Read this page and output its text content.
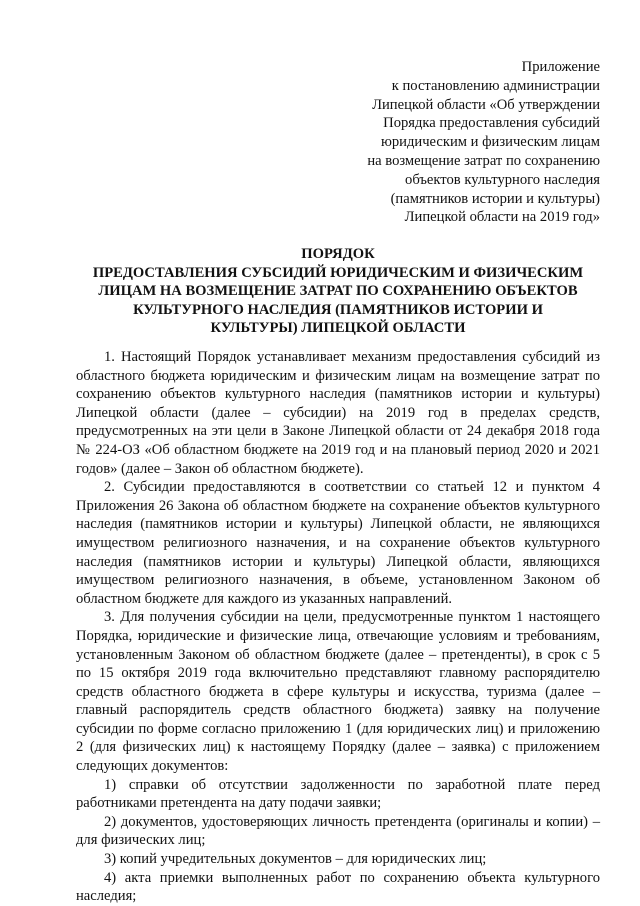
Приложение
к постановлению администрации
Липецкой области «Об утверждении
Порядка предоставления субсидий
юридическим и физическим лицам
на возмещение затрат по сохранению
объектов культурного наследия
(памятников истории и культуры)
Липецкой области на 2019 год»
ПОРЯДОК
ПРЕДОСТАВЛЕНИЯ СУБСИДИЙ ЮРИДИЧЕСКИМ И ФИЗИЧЕСКИМ
ЛИЦАМ НА ВОЗМЕЩЕНИЕ ЗАТРАТ ПО СОХРАНЕНИЮ ОБЪЕКТОВ
КУЛЬТУРНОГО НАСЛЕДИЯ (ПАМЯТНИКОВ ИСТОРИИ И
КУЛЬТУРЫ) ЛИПЕЦКОЙ ОБЛАСТИ

1. Настоящий Порядок устанавливает механизм предоставления субсидий из областного бюджета юридическим и физическим лицам на возмещение затрат по сохранению объектов культурного наследия (памятников истории и культуры) Липецкой области (далее – субсидии) на 2019 год в пределах средств, предусмотренных на эти цели в Законе Липецкой области от 24 декабря 2018 года № 224-ОЗ «Об областном бюджете на 2019 год и на плановый период 2020 и 2021 годов» (далее – Закон об областном бюджете).

2. Субсидии предоставляются в соответствии со статьей 12 и пунктом 4 Приложения 26 Закона об областном бюджете на сохранение объектов культурного наследия (памятников истории и культуры) Липецкой области, не являющихся имуществом религиозного назначения, и на сохранение объектов культурного наследия (памятников истории и культуры) Липецкой области, являющихся имуществом религиозного назначения, в объеме, установленном Законом об областном бюджете для каждого из указанных направлений.

3. Для получения субсидии на цели, предусмотренные пунктом 1 настоящего Порядка, юридические и физические лица, отвечающие условиям и требованиям, установленным Законом об областном бюджете (далее – претенденты), в срок с 5 по 15 октября 2019 года включительно представляют главному распорядителю средств областного бюджета в сфере культуры и искусства, туризма (далее – главный распорядитель средств областного бюджета) заявку на получение субсидии по форме согласно приложению 1 (для юридических лиц) и приложению 2 (для физических лиц) к настоящему Порядку (далее – заявка) с приложением следующих документов:

1) справки об отсутствии задолженности по заработной плате перед работниками претендента на дату подачи заявки;

2) документов, удостоверяющих личность претендента (оригиналы и копии) – для физических лиц;

3) копий учредительных документов – для юридических лиц;

4) акта приемки выполненных работ по сохранению объекта культурного наследия;
